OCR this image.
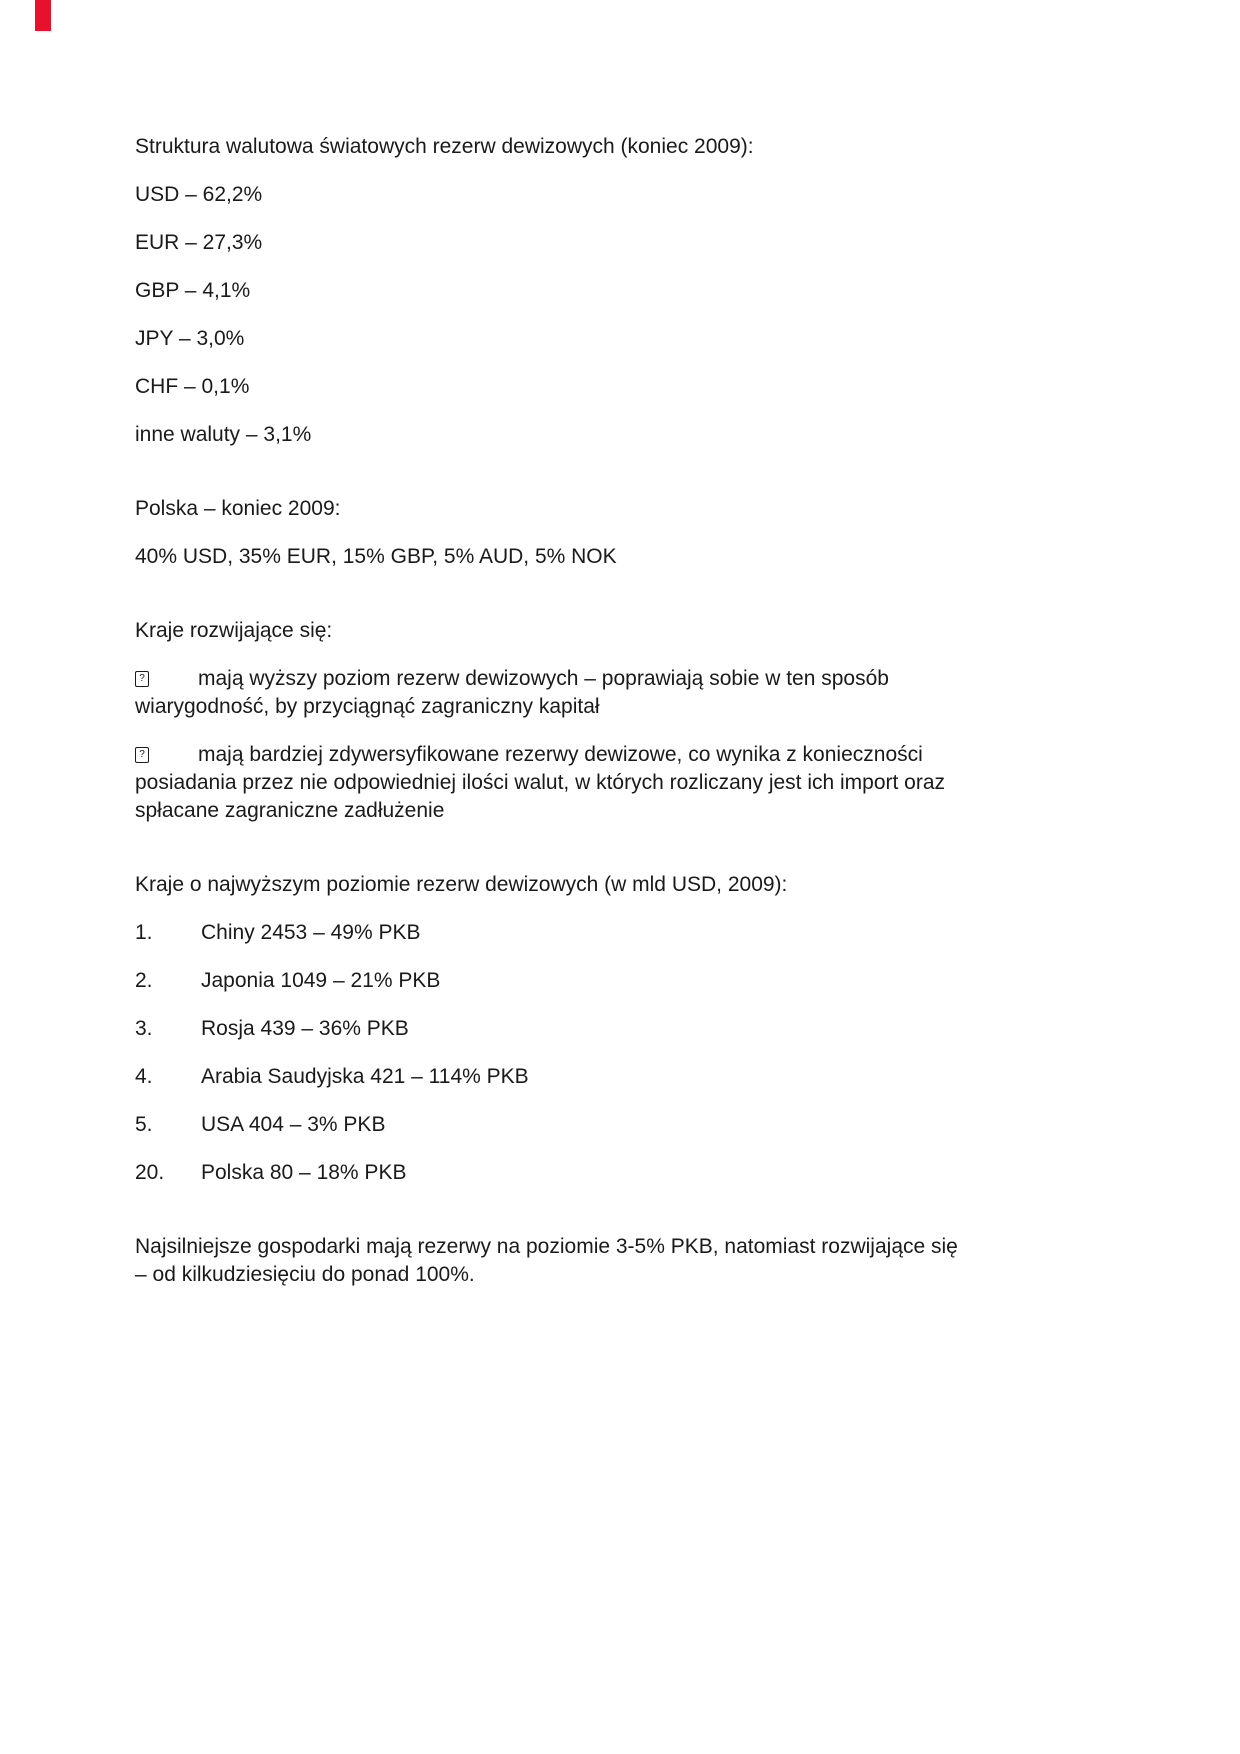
Struktura walutowa światowych rezerw dewizowych (koniec 2009):
USD – 62,2%
EUR – 27,3%
GBP – 4,1%
JPY – 3,0%
CHF – 0,1%
inne waluty – 3,1%
Polska – koniec 2009:
40% USD, 35% EUR, 15% GBP, 5% AUD, 5% NOK
Kraje rozwijające się:
?mają wyższy poziom rezerw dewizowych – poprawiają sobie w ten sposób wiarygodność, by przyciągnąć zagraniczny kapitał
?mają bardziej zdywersyfikowane rezerwy dewizowe, co wynika z konieczności posiadania przez nie odpowiedniej ilości walut, w których rozliczany jest ich import oraz spłacane zagraniczne zadłużenie
Kraje o najwyższym poziomie rezerw dewizowych (w mld USD, 2009):
1. Chiny 2453 – 49% PKB
2. Japonia 1049 – 21% PKB
3. Rosja 439 – 36% PKB
4. Arabia Saudyjska 421 – 114% PKB
5. USA 404 – 3% PKB
20. Polska 80 – 18% PKB
Najsilniejsze gospodarki mają rezerwy na poziomie 3-5% PKB, natomiast rozwijające się – od kilkudziesięciu do ponad 100%.
